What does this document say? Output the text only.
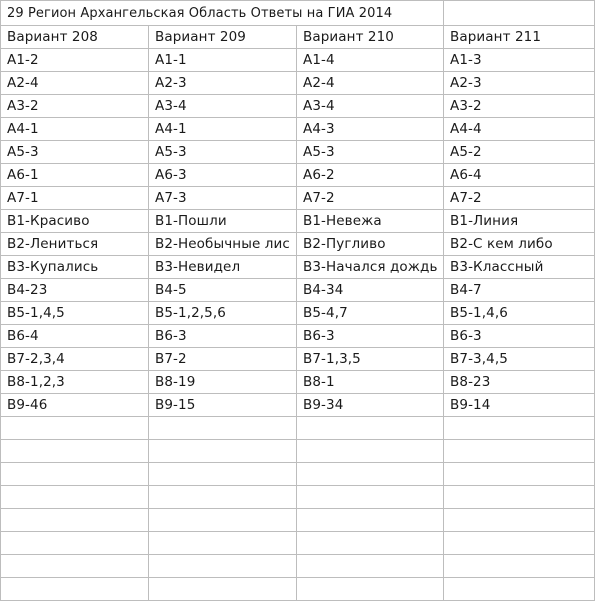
29 Регион Архангельская Область Ответы на ГИА 2014			
Вариант 208	Вариант 209	Вариант 210	Вариант 211
А1-2	А1-1	А1-4	А1-3
А2-4	А2-3	А2-4	А2-3
А3-2	А3-4	А3-4	А3-2
А4-1	А4-1	А4-3	А4-4
А5-3	А5-3	А5-3	А5-2
А6-1	А6-3	А6-2	А6-4
А7-1	А7-3	А7-2	А7-2
В1-Красиво	В1-Пошли	В1-Невежа	В1-Линия
В2-Лениться	В2-Необычные лис	В2-Пугливо	В2-С кем либо
В3-Купались	В3-Невидел	В3-Начался дождь	В3-Классный
В4-23	В4-5	В4-34	В4-7
В5-1,4,5	В5-1,2,5,6	В5-4,7	В5-1,4,6
В6-4	В6-3	В6-3	В6-3
В7-2,3,4	В7-2	В7-1,3,5	В7-3,4,5
В8-1,2,3	В8-19	В8-1	В8-23
В9-46	В9-15	В9-34	В9-14
